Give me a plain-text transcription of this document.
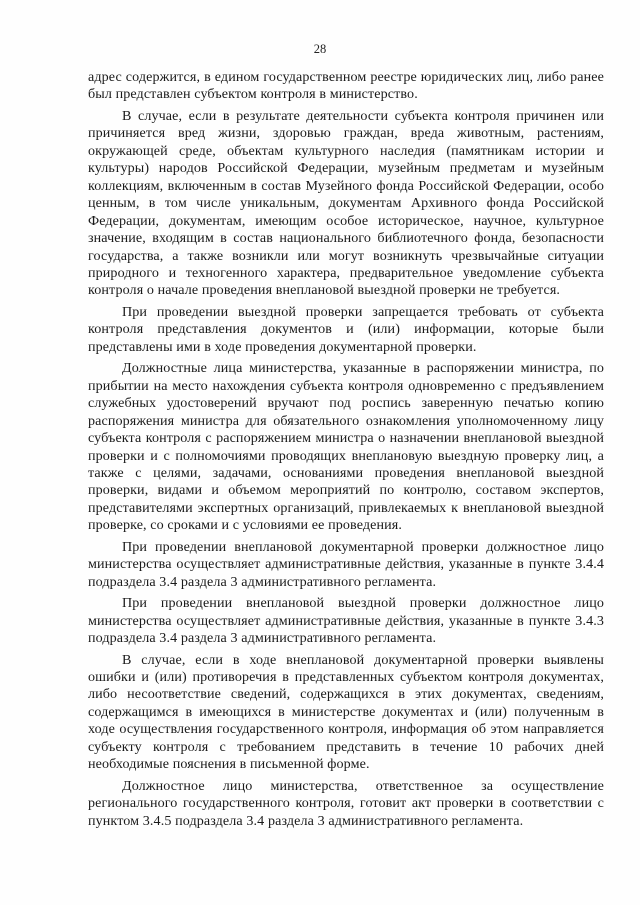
28

адрес содержится, в едином государственном реестре юридических лиц, либо ранее был представлен субъектом контроля в министерство.

В случае, если в результате деятельности субъекта контроля причинен или причиняется вред жизни, здоровью граждан, вреда животным, растениям, окружающей среде, объектам культурного наследия (памятникам истории и культуры) народов Российской Федерации, музейным предметам и музейным коллекциям, включенным в состав Музейного фонда Российской Федерации, особо ценным, в том числе уникальным, документам Архивного фонда Российской Федерации, документам, имеющим особое историческое, научное, культурное значение, входящим в состав национального библиотечного фонда, безопасности государства, а также возникли или могут возникнуть чрезвычайные ситуации природного и техногенного характера, предварительное уведомление субъекта контроля о начале проведения внеплановой выездной проверки не требуется.

При проведении выездной проверки запрещается требовать от субъекта контроля представления документов и (или) информации, которые были представлены ими в ходе проведения документарной проверки.

Должностные лица министерства, указанные в распоряжении министра, по прибытии на место нахождения субъекта контроля одновременно с предъявлением служебных удостоверений вручают под роспись заверенную печатью копию распоряжения министра для обязательного ознакомления уполномоченному лицу субъекта контроля с распоряжением министра о назначении внеплановой выездной проверки и с полномочиями проводящих внеплановую выездную проверку лиц, а также с целями, задачами, основаниями проведения внеплановой выездной проверки, видами и объемом мероприятий по контролю, составом экспертов, представителями экспертных организаций, привлекаемых к внеплановой выездной проверке, со сроками и с условиями ее проведения.

При проведении внеплановой документарной проверки должностное лицо министерства осуществляет административные действия, указанные в пункте 3.4.4 подраздела 3.4 раздела 3 административного регламента.

При проведении внеплановой выездной проверки должностное лицо министерства осуществляет административные действия, указанные в пункте 3.4.3 подраздела 3.4 раздела 3 административного регламента.

В случае, если в ходе внеплановой документарной проверки выявлены ошибки и (или) противоречия в представленных субъектом контроля документах, либо несоответствие сведений, содержащихся в этих документах, сведениям, содержащимся в имеющихся в министерстве документах и (или) полученным в ходе осуществления государственного контроля, информация об этом направляется субъекту контроля с требованием представить в течение 10 рабочих дней необходимые пояснения в письменной форме.

Должностное лицо министерства, ответственное за осуществление регионального государственного контроля, готовит акт проверки в соответствии с пунктом 3.4.5 подраздела 3.4 раздела 3 административного регламента.
